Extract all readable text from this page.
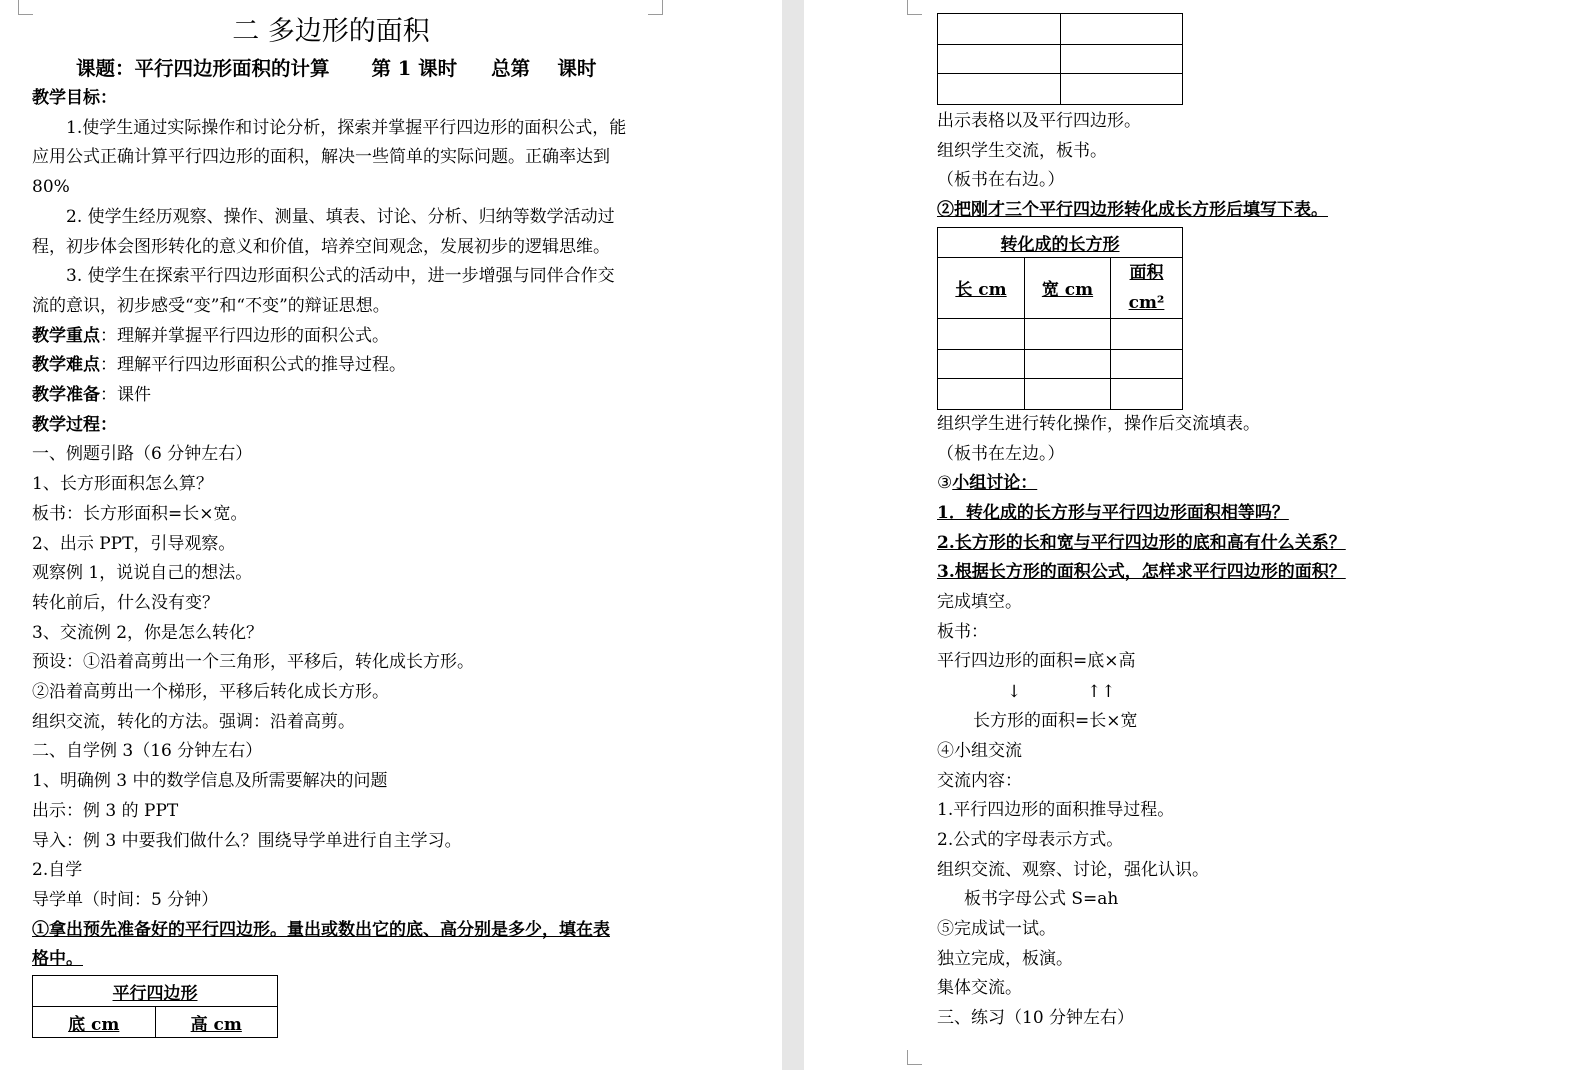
二 多边形的面积
课题：平行四边形面积的计算 第 1 课时 总第    课时

教学目标：

1.使学生通过实际操作和讨论分析，探索并掌握平行四边形的面积公式，能

应用公式正确计算平行四边形的面积，解决一些简单的实际问题。正确率达到

80%

2. 使学生经历观察、操作、测量、填表、讨论、分析、归纳等数学活动过

程，初步体会图形转化的意义和价值，培养空间观念，发展初步的逻辑思维。

3. 使学生在探索平行四边形面积公式的活动中，进一步增强与同伴合作交

流的意识，初步感受“变”和“不变”的辩证思想。

教学重点：理解并掌握平行四边形的面积公式。

教学难点：理解平行四边形面积公式的推导过程。

教学准备：课件

教学过程：

一、例题引路（6 分钟左右）

1、长方形面积怎么算？

板书：长方形面积=长×宽。

2、出示 PPT，引导观察。

观察例 1，说说自己的想法。

转化前后，什么没有变？

3、交流例 2，你是怎么转化？

预设：①沿着高剪出一个三角形，平移后，转化成长方形。

②沿着高剪出一个梯形，平移后转化成长方形。

组织交流，转化的方法。强调：沿着高剪。

二、自学例 3（16 分钟左右）

1、明确例 3 中的数学信息及所需要解决的问题

出示：例 3 的 PPT

导入：例 3 中要我们做什么？围绕导学单进行自主学习。

2.自学

导学单（时间：5 分钟）

①拿出预先准备好的平行四边形。量出或数出它的底、高分别是多少，填在表

格中。

平行四边形
底 cm	高 cm

出示表格以及平行四边形。

组织学生交流，板书。

（板书在右边。）

②把刚才三个平行四边形转化成长方形后填写下表。

转化成的长方形		
长 cm	宽 cm	面积
cm²

组织学生进行转化操作，操作后交流填表。

（板书在左边。）

③小组讨论：

1．转化成的长方形与平行四边形面积相等吗？

2.长方形的长和宽与平行四边形的底和高有什么关系？

3.根据长方形的面积公式，怎样求平行四边形的面积？

完成填空。

板书：

平行四边形的面积=底×高

↓	↑↑

长方形的面积=长×宽

④小组交流

交流内容：

1.平行四边形的面积推导过程。

2.公式的字母表示方式。

组织交流、观察、讨论，强化认识。

板书字母公式 S=ah

⑤完成试一试。

独立完成，板演。

集体交流。

三、练习（10 分钟左右）
